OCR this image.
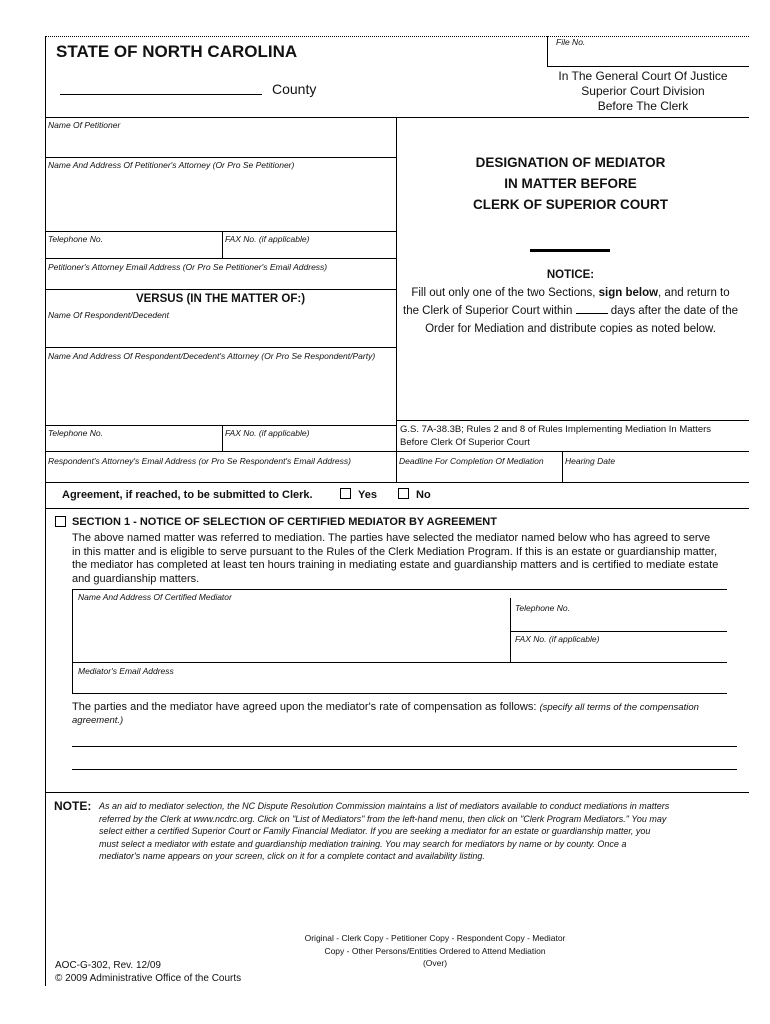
File No.
STATE OF NORTH CAROLINA
County
In The General Court Of Justice
Superior Court Division
Before The Clerk
Name Of Petitioner
Name And Address Of Petitioner's Attorney (Or Pro Se Petitioner)
Telephone No.	FAX No. (if applicable)
Petitioner's Attorney Email Address (Or Pro Se Petitioner's Email Address)
VERSUS (IN THE MATTER OF:)
Name Of Respondent/Decedent
Name And Address Of Respondent/Decedent's Attorney (Or Pro Se Respondent/Party)
Telephone No.	FAX No. (if applicable)
Respondent's Attorney's Email Address (or Pro Se Respondent's Email Address)
DESIGNATION OF MEDIATOR
IN MATTER BEFORE
CLERK OF SUPERIOR COURT
NOTICE:
Fill out only one of the two Sections, sign below, and return to
the Clerk of Superior Court within	days after the date of the
Order for Mediation and distribute copies as noted below.
G.S. 7A-38.3B; Rules 2 and 8 of Rules Implementing Mediation In Matters
Before Clerk Of Superior Court
Deadline For Completion Of Mediation	Hearing Date
Agreement, if reached, to be submitted to Clerk.	Yes	No
SECTION 1 - NOTICE OF SELECTION OF CERTIFIED MEDIATOR BY AGREEMENT
The above named matter was referred to mediation. The parties have selected the mediator named below who has agreed to serve
in this matter and is eligible to serve pursuant to the Rules of the Clerk Mediation Program. If this is an estate or guardianship matter,
the mediator has completed at least ten hours training in mediating estate and guardianship matters and is certified to mediate estate
and guardianship matters.
Name And Address Of Certified Mediator
Telephone No.
FAX No. (if applicable)
Mediator's Email Address
The parties and the mediator have agreed upon the mediator's rate of compensation as follows: (specify all terms of the compensation
agreement.)
NOTE: As an aid to mediator selection, the NC Dispute Resolution Commission maintains a list of mediators available to conduct mediations in matters
referred by the Clerk at www.ncdrc.org. Click on "List of Mediators" from the left-hand menu, then click on "Clerk Program Mediators." You may
select either a certified Superior Court or Family Financial Mediator. If you are seeking a mediator for an estate or guardianship matter, you
must select a mediator with estate and guardianship mediation training. You may search for mediators by name or by county. Once a
mediator's name appears on your screen, click on it for a complete contact and availability listing.
Original - Clerk Copy - Petitioner Copy - Respondent Copy - Mediator
Copy - Other Persons/Entities Ordered to Attend Mediation
(Over)
AOC-G-302, Rev. 12/09
© 2009 Administrative Office of the Courts
